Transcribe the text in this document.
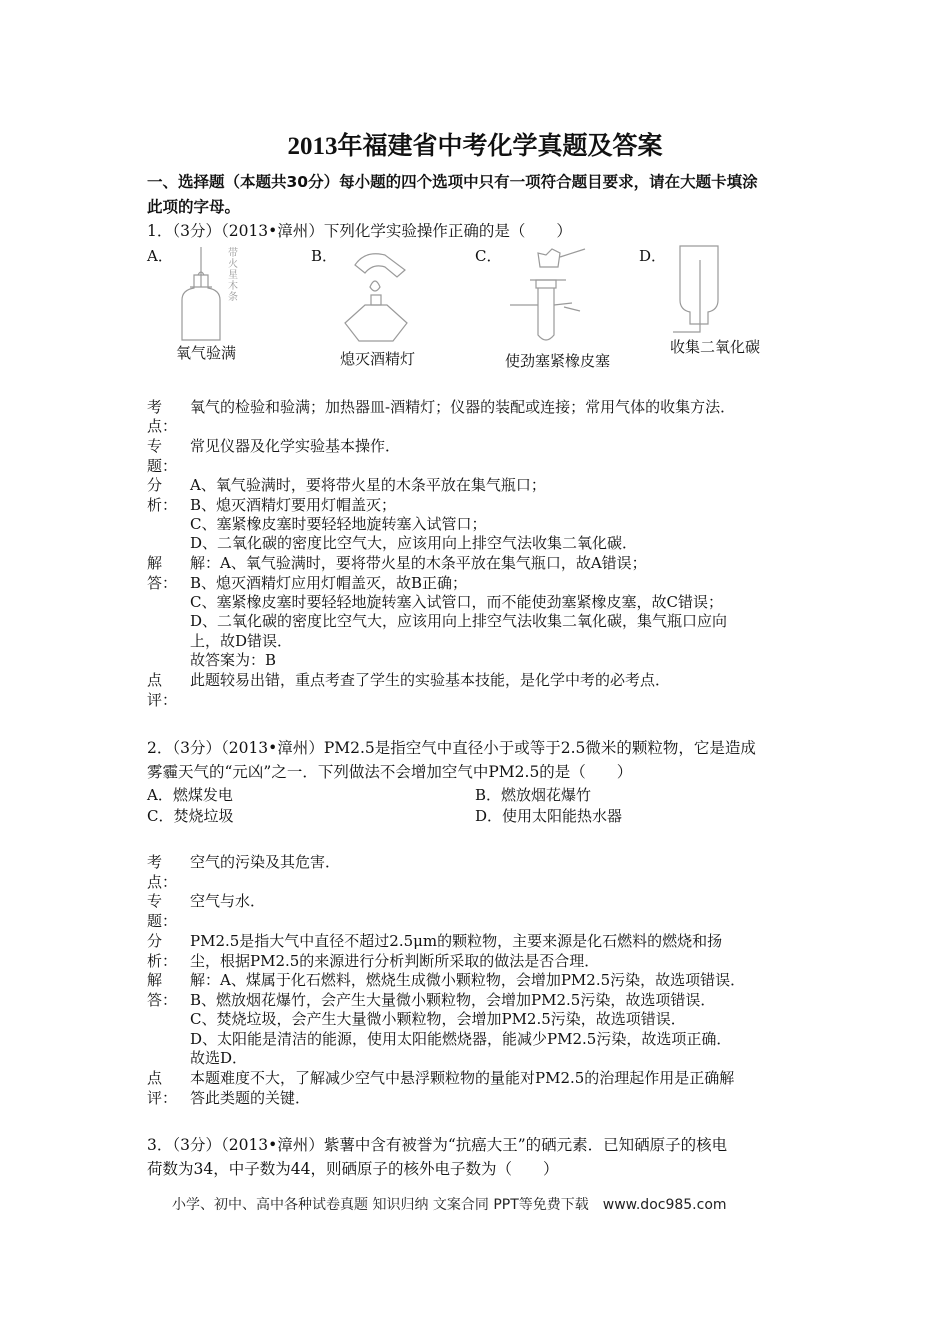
2013年福建省中考化学真题及答案
一、选择题（本题共30分）每小题的四个选项中只有一项符合题目要求，请在大题卡填涂
此项的字母。
1．（3分）（2013•漳州）下列化学实验操作正确的是（　　）
A．	B．	C．	D．
带火星木条
氧气验满	熄灭酒精灯	使劲塞紧橡皮塞
收集二氧化碳
考
点：
氧气的检验和验满；加热器皿-酒精灯；仪器的装配或连接；常用气体的收集方法．
专
题：
常见仪器及化学实验基本操作．
分
析：
A、氧气验满时，要将带火星的木条平放在集气瓶口；
B、熄灭酒精灯要用灯帽盖灭；
C、塞紧橡皮塞时要轻轻地旋转塞入试管口；
D、二氧化碳的密度比空气大，应该用向上排空气法收集二氧化碳．
解
答：
解：A、氧气验满时，要将带火星的木条平放在集气瓶口，故A错误；
B、熄灭酒精灯应用灯帽盖灭，故B正确；
C、塞紧橡皮塞时要轻轻地旋转塞入试管口，而不能使劲塞紧橡皮塞，故C错误；
D、二氧化碳的密度比空气大，应该用向上排空气法收集二氧化碳，集气瓶口应向
上，故D错误．
故答案为：B
点
评：
此题较易出错，重点考查了学生的实验基本技能，是化学中考的必考点．
2．（3分）（2013•漳州）PM2.5是指空气中直径小于或等于2.5微米的颗粒物，它是造成
雾霾天气的“元凶”之一．下列做法不会增加空气中PM2.5的是（　　）
A．燃煤发电	B．燃放烟花爆竹
C．焚烧垃圾	D．使用太阳能热水器
考
点：
空气的污染及其危害．
专
题：
空气与水．
分
析：
PM2.5是指大气中直径不超过2.5μm的颗粒物，主要来源是化石燃料的燃烧和扬
尘，根据PM2.5的来源进行分析判断所采取的做法是否合理．
解
答：
解：A、煤属于化石燃料，燃烧生成微小颗粒物，会增加PM2.5污染，故选项错误．
B、燃放烟花爆竹，会产生大量微小颗粒物，会增加PM2.5污染，故选项错误．
C、焚烧垃圾，会产生大量微小颗粒物，会增加PM2.5污染，故选项错误．
D、太阳能是清洁的能源，使用太阳能燃烧器，能减少PM2.5污染，故选项正确．
故选D．
点
评：
本题难度不大，了解减少空气中悬浮颗粒物的量能对PM2.5的治理起作用是正确解
答此类题的关键．
3．（3分）（2013•漳州）紫薯中含有被誉为“抗癌大王”的硒元素．已知硒原子的核电
荷数为34，中子数为44，则硒原子的核外电子数为（　　）
小学、初中、高中各种试卷真题 知识归纳 文案合同 PPT等免费下载　www.doc985.com
